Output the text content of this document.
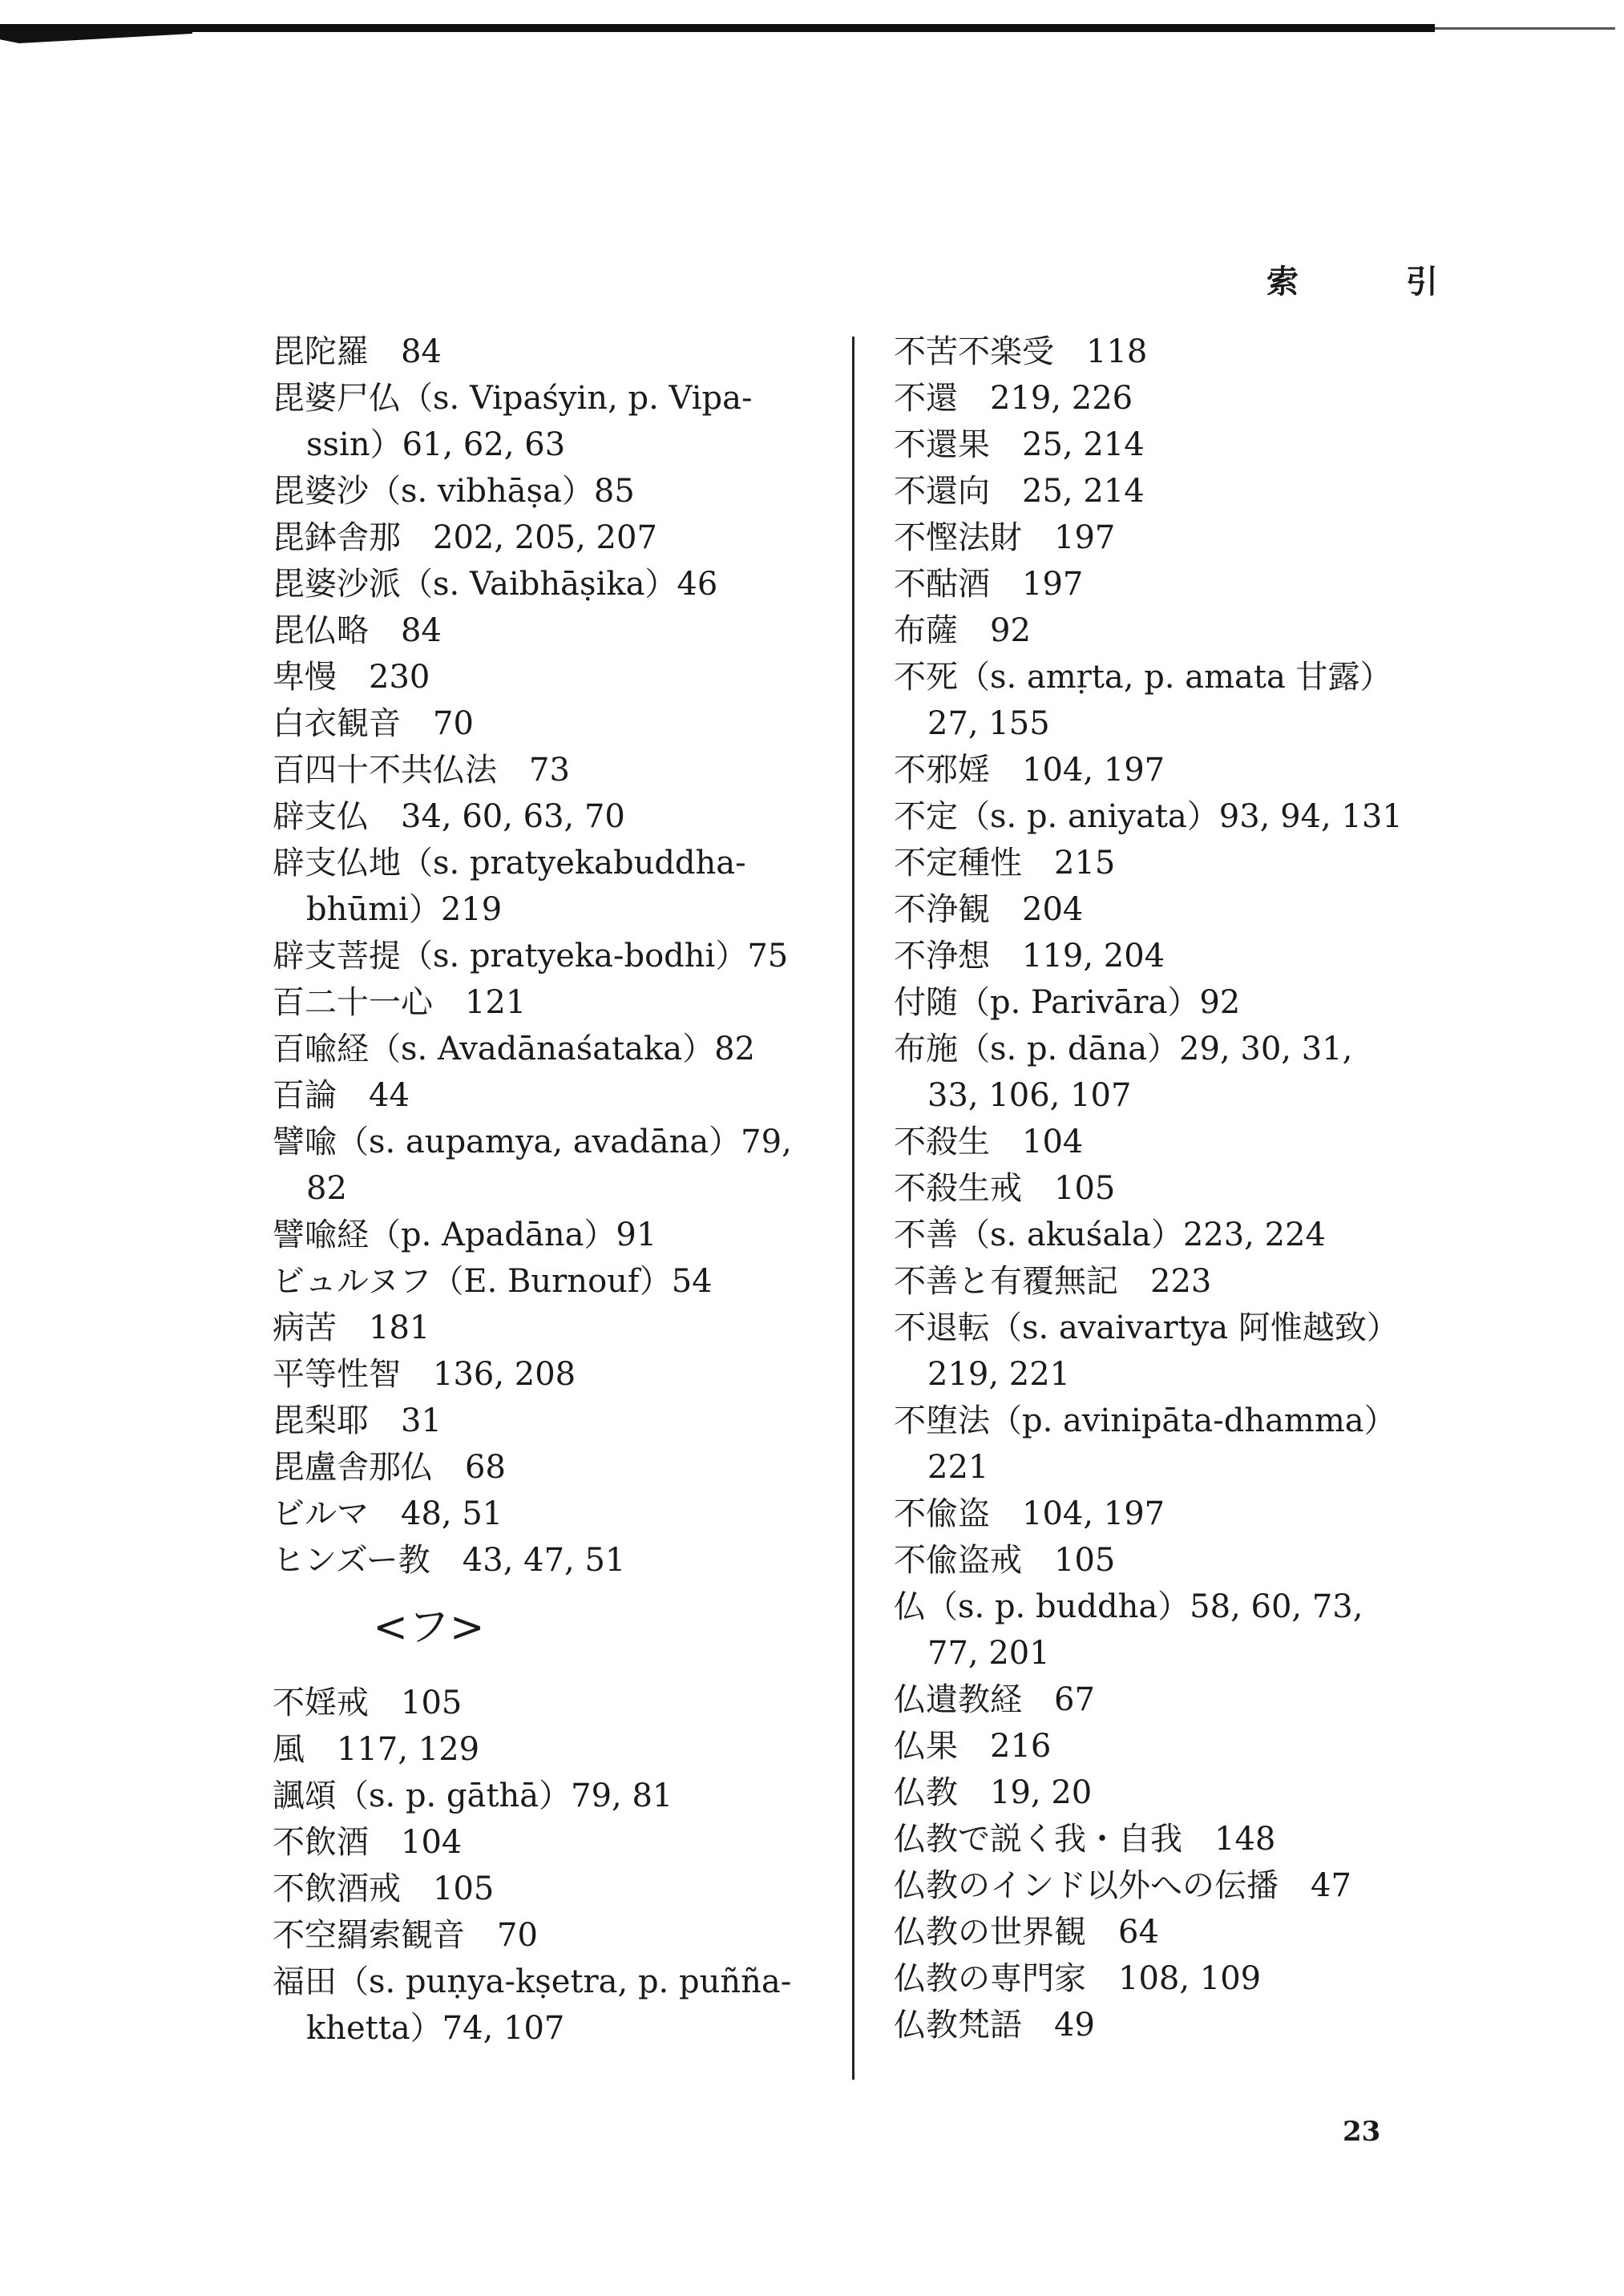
索 引
毘陀羅　84
毘婆尸仏（s. Vipaśyin, p. Vipa-
ssin）61, 62, 63
毘婆沙（s. vibhāṣa）85
毘鉢舎那　202, 205, 207
毘婆沙派（s. Vaibhāṣika）46
毘仏略　84
卑慢　230
白衣観音　70
百四十不共仏法　73
辟支仏　34, 60, 63, 70
辟支仏地（s. pratyekabuddha-
bhūmi）219
辟支菩提（s. pratyeka-bodhi）75
百二十一心　121
百喩経（s. Avadānaśataka）82
百論　44
譬喩（s. aupamya, avadāna）79,
82
譬喩経（p. Apadāna）91
ビュルヌフ（E. Burnouf）54
病苦　181
平等性智　136, 208
毘梨耶　31
毘盧舎那仏　68
ビルマ　48, 51
ヒンズー教　43, 47, 51
<フ>
不婬戒　105
風　117, 129
諷頌（s. p. gāthā）79, 81
不飲酒　104
不飲酒戒　105
不空羂索観音　70
福田（s. puṇya-kṣetra, p. puñña-
khetta）74, 107
不苦不楽受　118
不還　219, 226
不還果　25, 214
不還向　25, 214
不慳法財　197
不酤酒　197
布薩　92
不死（s. amṛta, p. amata 甘露）
27, 155
不邪婬　104, 197
不定（s. p. aniyata）93, 94, 131
不定種性　215
不浄観　204
不浄想　119, 204
付随（p. Parivāra）92
布施（s. p. dāna）29, 30, 31,
33, 106, 107
不殺生　104
不殺生戒　105
不善（s. akuśala）223, 224
不善と有覆無記　223
不退転（s. avaivartya 阿惟越致）
219, 221
不堕法（p. avinipāta-dhamma）
221
不偸盗　104, 197
不偸盗戒　105
仏（s. p. buddha）58, 60, 73,
77, 201
仏遺教経　67
仏果　216
仏教　19, 20
仏教で説く我・自我　148
仏教のインド以外への伝播　47
仏教の世界観　64
仏教の専門家　108, 109
仏教梵語　49
23
